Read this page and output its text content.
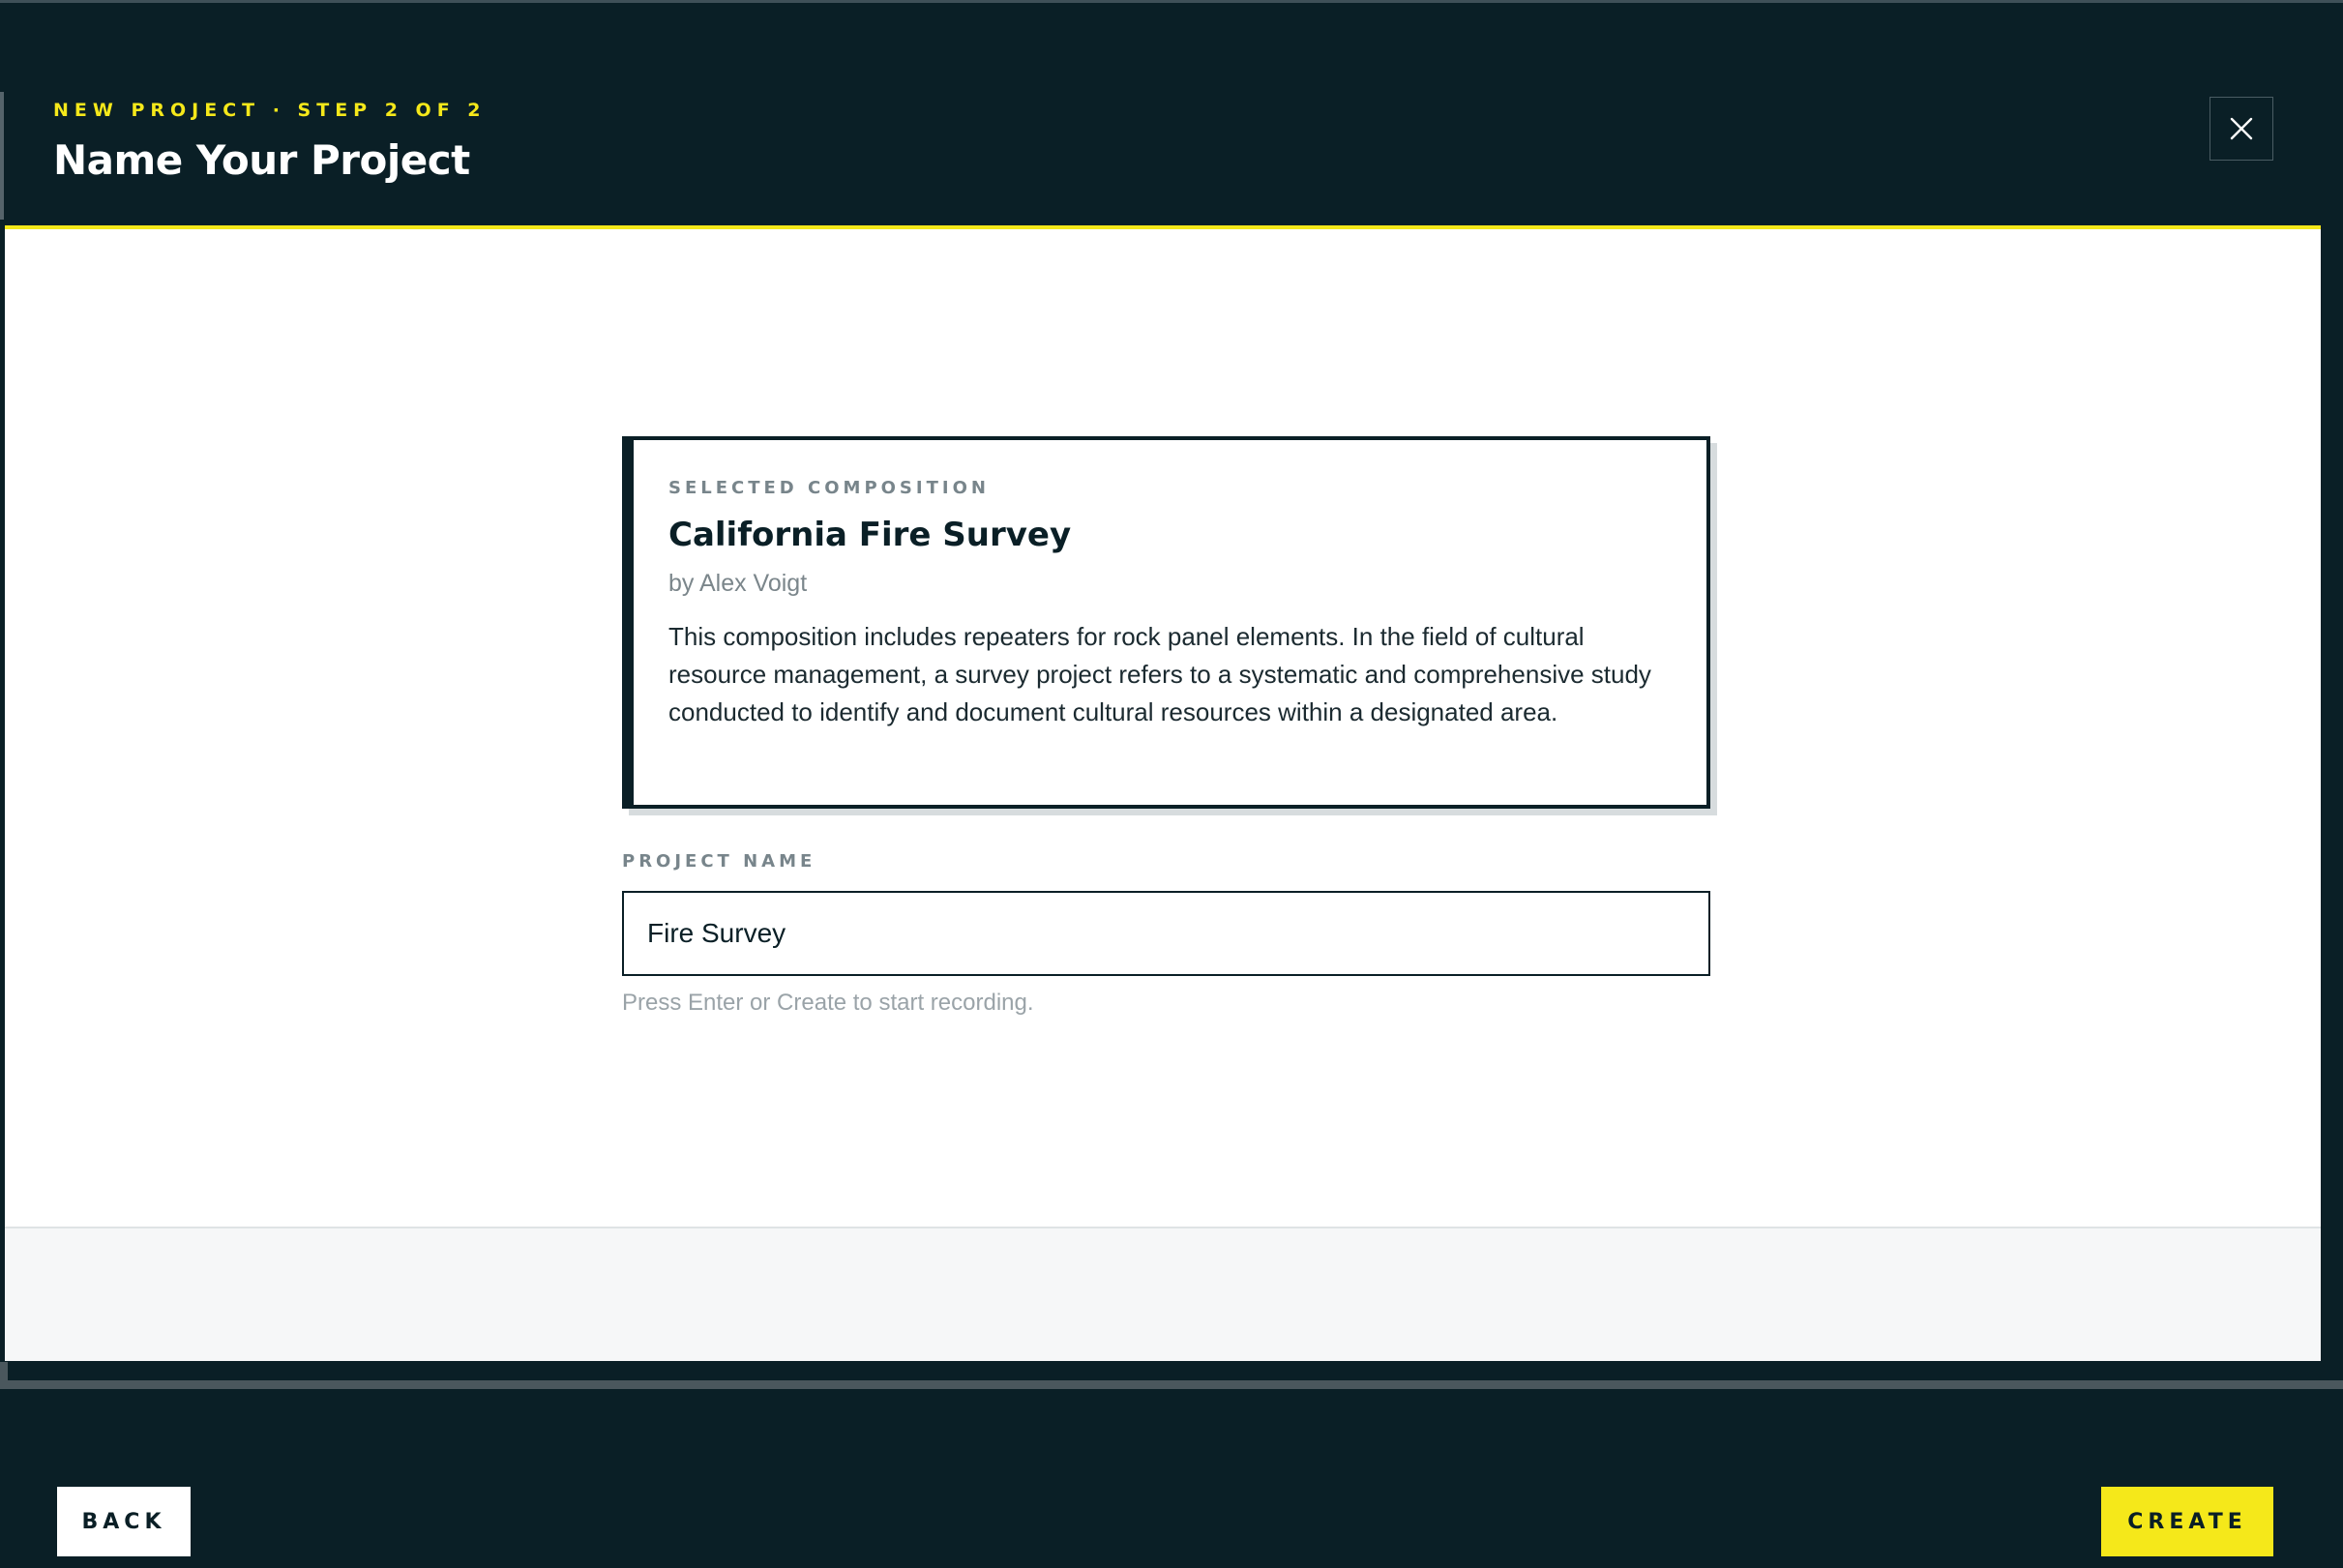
NEW PROJECT · STEP 2 OF 2
Name Your Project
SELECTED COMPOSITION
California Fire Survey
by Alex Voigt
This composition includes repeaters for rock panel elements. In the field of cultural resource management, a survey project refers to a systematic and comprehensive study conducted to identify and document cultural resources within a designated area.
PROJECT NAME
Fire Survey
Press Enter or Create to start recording.
BACK	CREATE
